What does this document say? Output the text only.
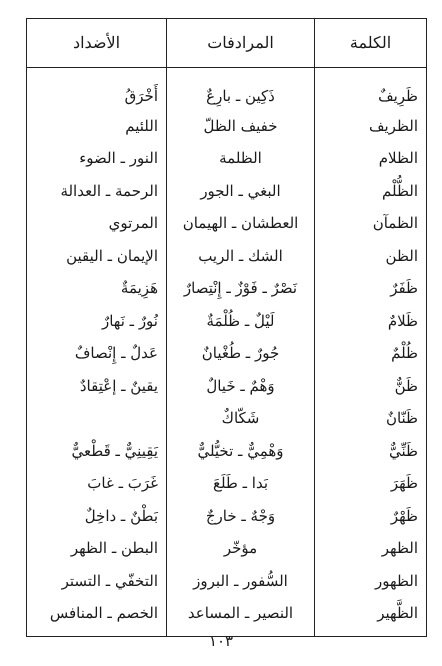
الكلمة	المرادفات	الأضداد
ظَرِيفٌ	ذَكِين ـ بارِعٌ	أَخْرَقُ
الظريف	خفيف الظلّ	اللئيم
الظلام	الظلمة	النور ـ الضوء
الظُّلْم	البغي ـ الجور	الرحمة ـ العدالة
الظمآن	العطشان ـ الهيمان	المرتوي
الظن	الشك ـ الريب	الإيمان ـ اليقين
ظَفَرٌ	نَصْرٌ ـ فَوْزٌ ـ إِنْتِصارٌ	هَزِيمَةٌ
ظَلامٌ	لَيْلٌ ـ ظُلْمَةٌ	نُورٌ ـ نَهارٌ
ظُلْمٌ	جُورٌ ـ طُغْيانٌ	عَدلٌ ـ إِنْصافٌ
ظَنٌّ	وَهْمٌ ـ خَيالٌ	يقينٌ ـ إعْتِقادٌ
ظَنّانٌ	شَكّاكٌ	
ظَنِّيٌّ	وَهْمِيٌّ ـ تخيُّليٌّ	يَقِينِيٌّ ـ قَطْعيٌّ
ظَهَرَ	بَدا ـ طَلَعَ	غَرَبَ ـ غابَ
ظَهْرٌ	وَجْهٌ ـ خارجٌ	بَطْنٌ ـ داخِلٌ
الظهر	مؤخّر	البطن ـ الظهر
الظهور	السُّفور ـ البروز	التخفّي ـ التستر
الظَّهير	النصير ـ المساعد	الخصم ـ المنافس
١٠٣
